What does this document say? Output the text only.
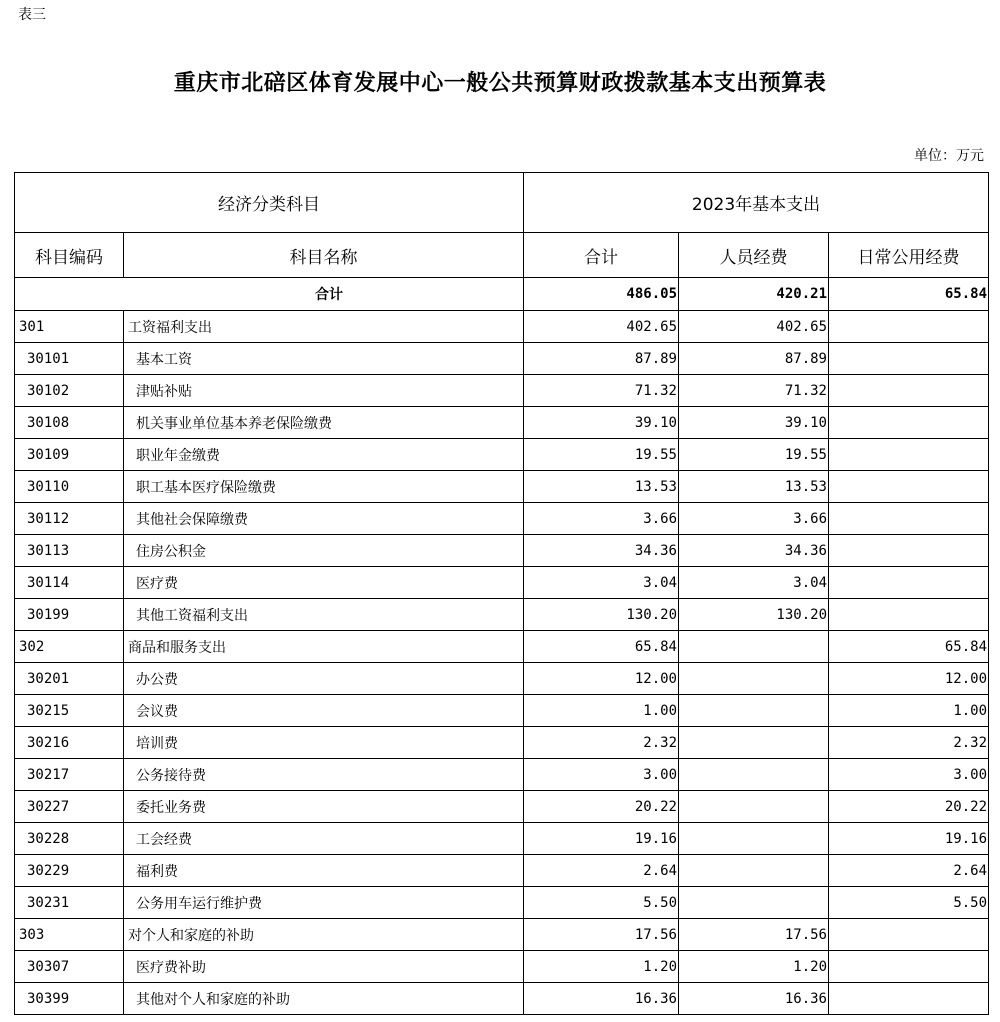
表三
重庆市北碚区体育发展中心一般公共预算财政拨款基本支出预算表
单位：万元
经济分类科目		2023年基本支出		
科目编码	科目名称	合计	人员经费	日常公用经费
合计		486.05	420.21	65.84
301	工资福利支出	402.65	402.65	
30101	基本工资	87.89	87.89	
30102	津贴补贴	71.32	71.32	
30108	机关事业单位基本养老保险缴费	39.10	39.10	
30109	职业年金缴费	19.55	19.55	
30110	职工基本医疗保险缴费	13.53	13.53	
30112	其他社会保障缴费	3.66	3.66	
30113	住房公积金	34.36	34.36	
30114	医疗费	3.04	3.04	
30199	其他工资福利支出	130.20	130.20	
302	商品和服务支出	65.84		65.84
30201	办公费	12.00		12.00
30215	会议费	1.00		1.00
30216	培训费	2.32		2.32
30217	公务接待费	3.00		3.00
30227	委托业务费	20.22		20.22
30228	工会经费	19.16		19.16
30229	福利费	2.64		2.64
30231	公务用车运行维护费	5.50		5.50
303	对个人和家庭的补助	17.56	17.56	
30307	医疗费补助	1.20	1.20	
30399	其他对个人和家庭的补助	16.36	16.36	
